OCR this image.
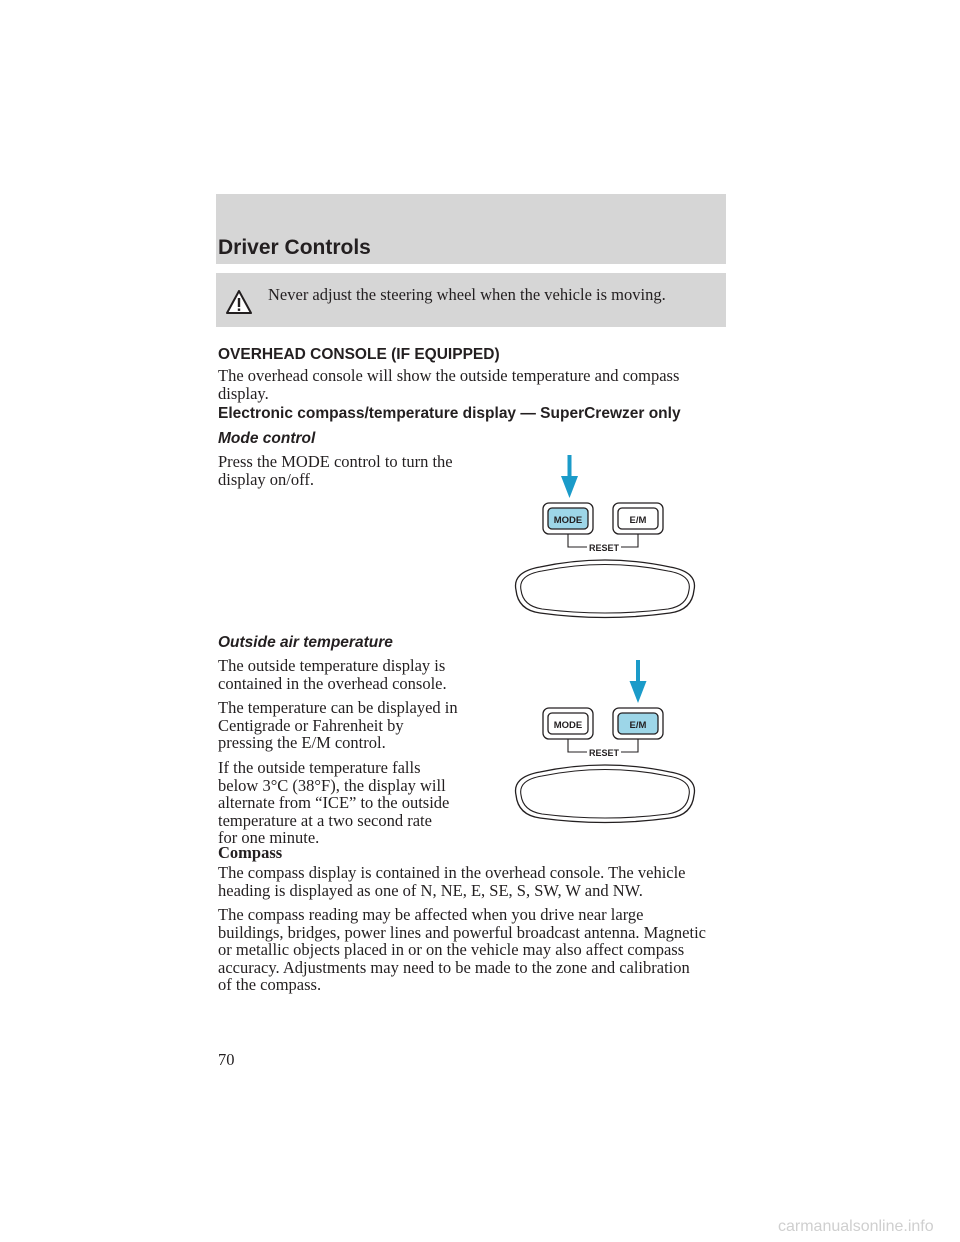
Driver Controls
Never adjust the steering wheel when the vehicle is moving.
OVERHEAD CONSOLE (IF EQUIPPED)
The overhead console will show the outside temperature and compass
display.
Electronic compass/temperature display — SuperCrewzer only
Mode control
Press the MODE control to turn the
display on/off.
MODE	E/M
RESET
Outside air temperature
The outside temperature display is
contained in the overhead console.
The temperature can be displayed in
Centigrade or Fahrenheit by
pressing the E/M control.
If the outside temperature falls
below 3°C (38°F), the display will
alternate from “ICE” to the outside
temperature at a two second rate
for one minute.
MODE	E/M
RESET
Compass
The compass display is contained in the overhead console. The vehicle
heading is displayed as one of N, NE, E, SE, S, SW, W and NW.
The compass reading may be affected when you drive near large
buildings, bridges, power lines and powerful broadcast antenna. Magnetic
or metallic objects placed in or on the vehicle may also affect compass
accuracy. Adjustments may need to be made to the zone and calibration
of the compass.
70
carmanualsonline.info
